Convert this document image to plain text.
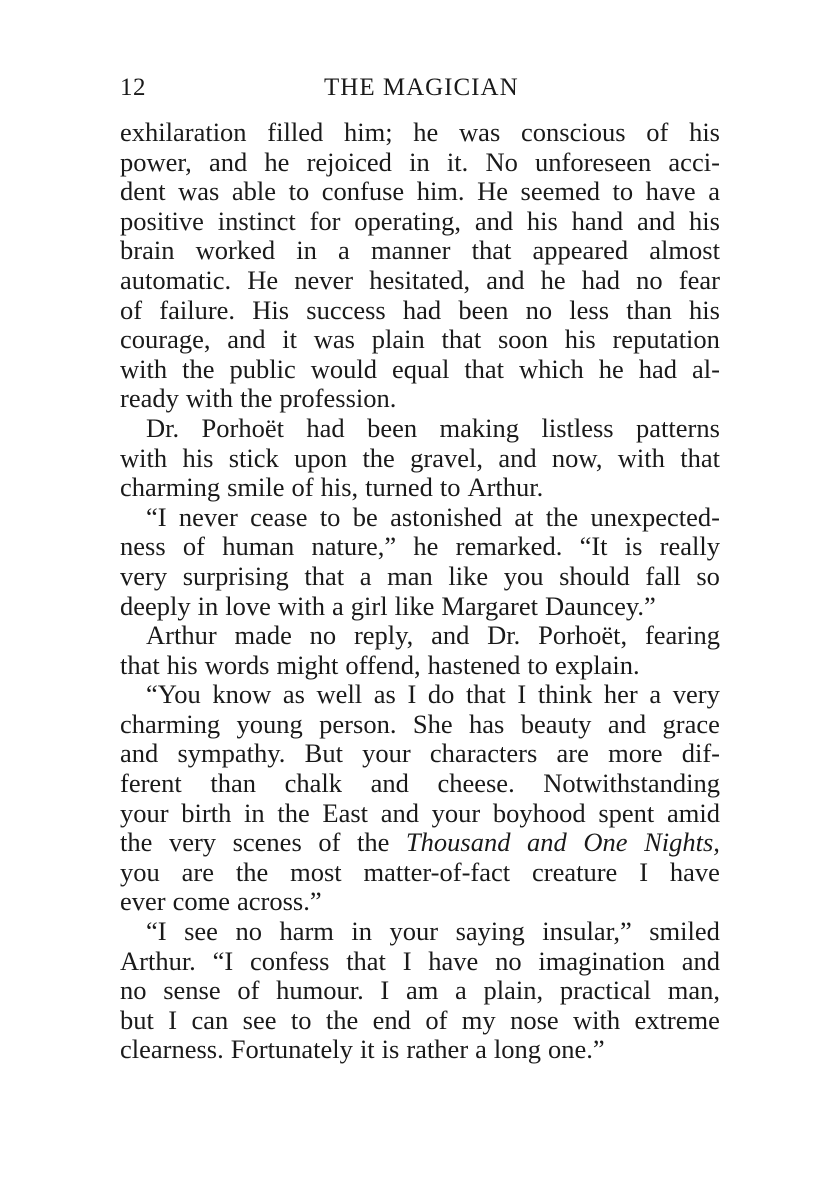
12	THE MAGICIAN
exhilaration filled him; he was conscious of his
power, and he rejoiced in it. No unforeseen acci-
dent was able to confuse him. He seemed to have a
positive instinct for operating, and his hand and his
brain worked in a manner that appeared almost
automatic. He never hesitated, and he had no fear
of failure. His success had been no less than his
courage, and it was plain that soon his reputation
with the public would equal that which he had al-
ready with the profession.
Dr. Porhoët had been making listless patterns
with his stick upon the gravel, and now, with that
charming smile of his, turned to Arthur.
“I never cease to be astonished at the unexpected-
ness of human nature,” he remarked. “It is really
very surprising that a man like you should fall so
deeply in love with a girl like Margaret Dauncey.”
Arthur made no reply, and Dr. Porhoët, fearing
that his words might offend, hastened to explain.
“You know as well as I do that I think her a very
charming young person. She has beauty and grace
and sympathy. But your characters are more dif-
ferent than chalk and cheese. Notwithstanding
your birth in the East and your boyhood spent amid
the very scenes of the Thousand and One Nights,
you are the most matter-of-fact creature I have
ever come across.”
“I see no harm in your saying insular,” smiled
Arthur. “I confess that I have no imagination and
no sense of humour. I am a plain, practical man,
but I can see to the end of my nose with extreme
clearness. Fortunately it is rather a long one.”
